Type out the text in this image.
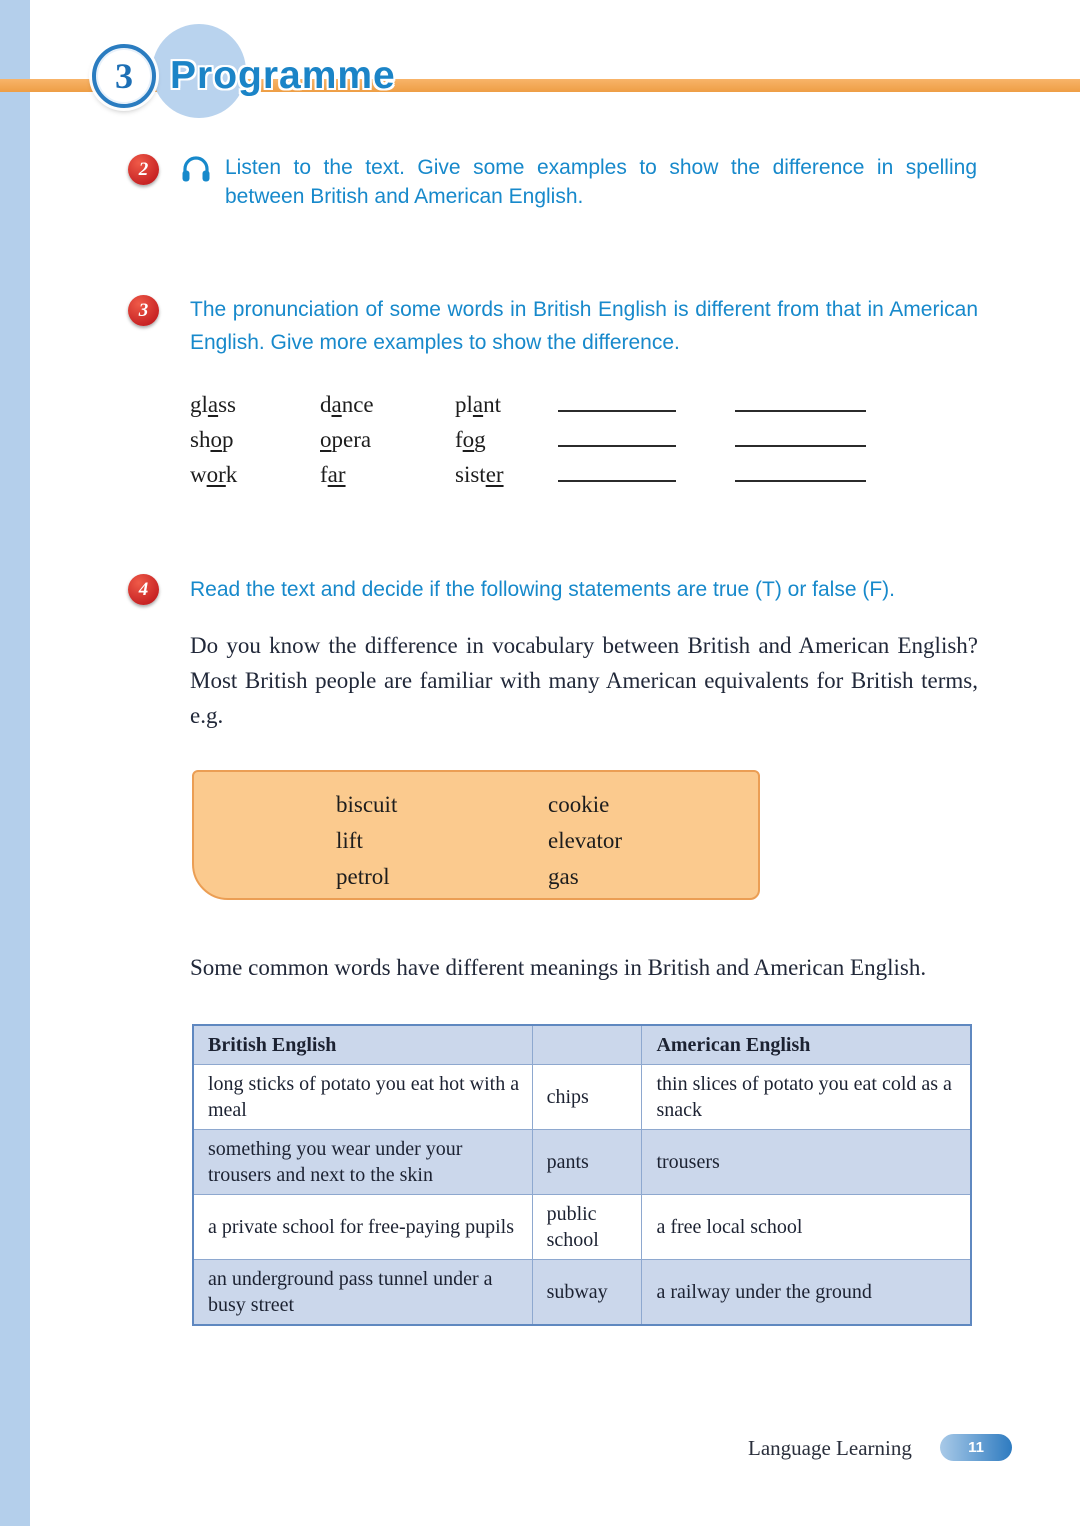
3 Programme
2	Listen to the text. Give some examples to show the difference in spelling between British and American English.
3 The pronunciation of some words in British English is different from that in American English. Give more examples to show the difference.
glass	dance	plant
shop	opera	fog
work	far	sister
4 Read the text and decide if the following statements are true (T) or false (F).
Do you know the difference in vocabulary between British and American English? Most British people are familiar with many American equivalents for British terms, e.g.
biscuit	cookie
lift	elevator
petrol	gas
Some common words have different meanings in British and American English.
British English		American English
long sticks of potato you eat hot with a meal	chips	thin slices of potato you eat cold as a snack
something you wear under your trousers and next to the skin	pants	trousers
a private school for free-paying pupils	public school	a free local school
an underground pass tunnel under a busy street	subway	a railway under the ground
Language Learning	11
